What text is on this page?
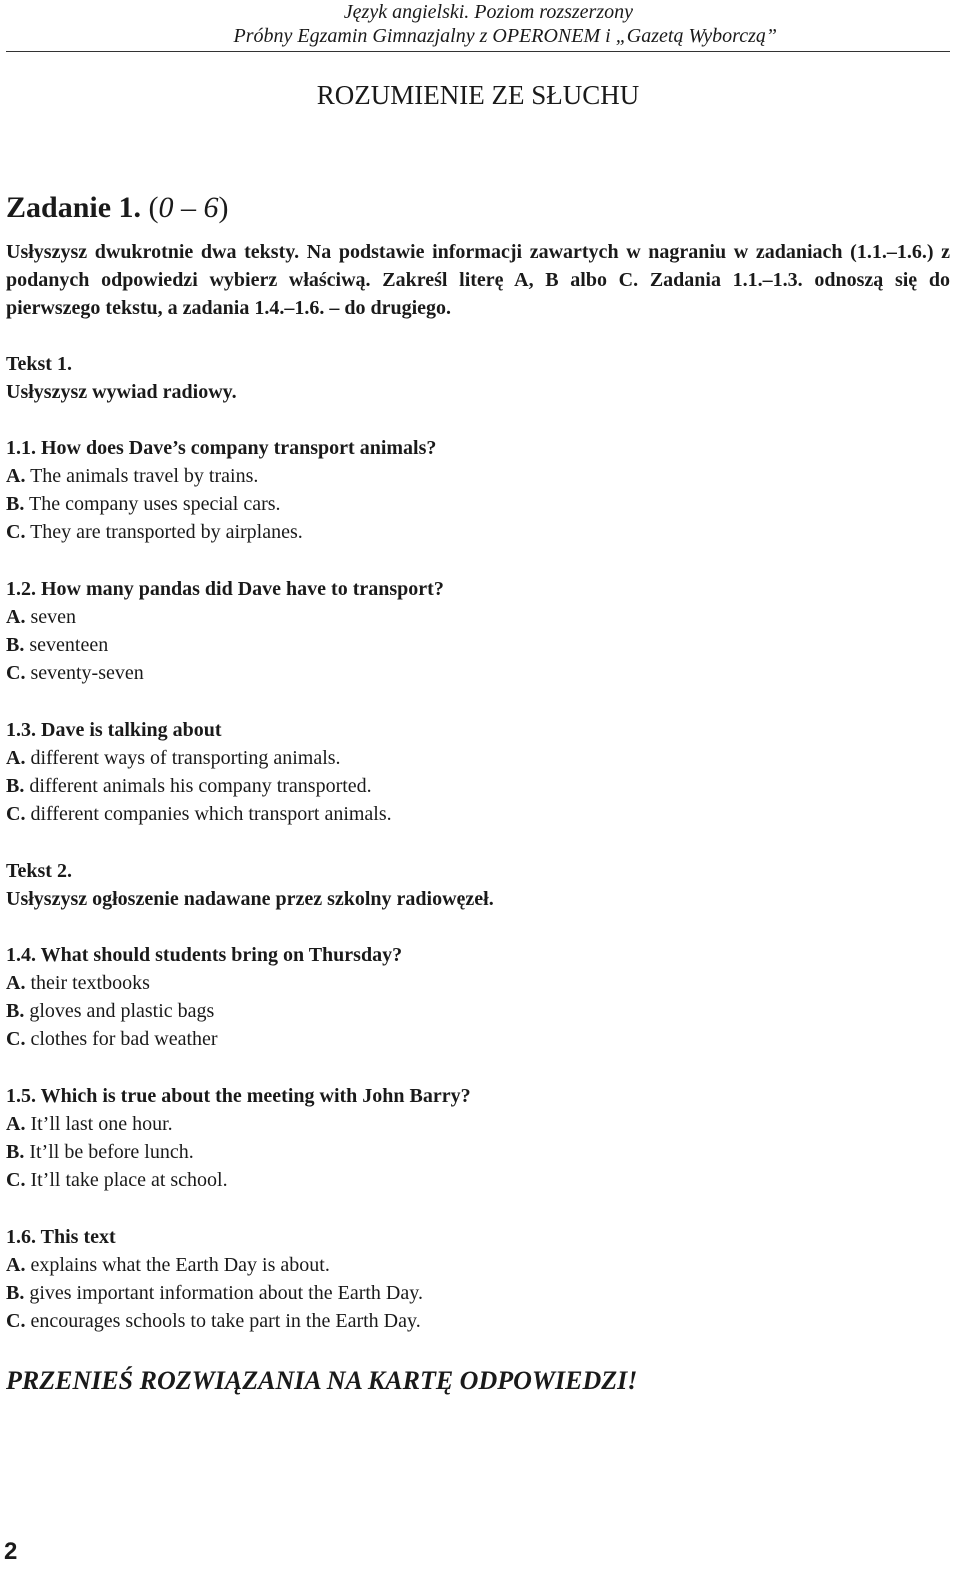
Język angielski. Poziom rozszerzony
Próbny Egzamin Gimnazjalny z OPERONEM i „Gazetą Wyborczą”
ROZUMIENIE ZE SŁUCHU
Zadanie 1. (0 – 6)
Usłyszysz dwukrotnie dwa teksty. Na podstawie informacji zawartych w nagraniu w zadaniach (1.1.–1.6.) z podanych odpowiedzi wybierz właściwą. Zakreśl literę A, B albo C. Zadania 1.1.–1.3. odnoszą się do pierwszego tekstu, a zadania 1.4.–1.6. – do drugiego.
Tekst 1.
Usłyszysz wywiad radiowy.
1.1. How does Dave’s company transport animals?
A. The animals travel by trains.
B. The company uses special cars.
C. They are transported by airplanes.
1.2. How many pandas did Dave have to transport?
A. seven
B. seventeen
C. seventy-seven
1.3. Dave is talking about
A. different ways of transporting animals.
B. different animals his company transported.
C. different companies which transport animals.
Tekst 2.
Usłyszysz ogłoszenie nadawane przez szkolny radiowęzeł.
1.4. What should students bring on Thursday?
A. their textbooks
B. gloves and plastic bags
C. clothes for bad weather
1.5. Which is true about the meeting with John Barry?
A. It’ll last one hour.
B. It’ll be before lunch.
C. It’ll take place at school.
1.6. This text
A. explains what the Earth Day is about.
B. gives important information about the Earth Day.
C. encourages schools to take part in the Earth Day.
PRZENIEŚ ROZWIĄZANIA NA KARTĘ ODPOWIEDZI!
2
